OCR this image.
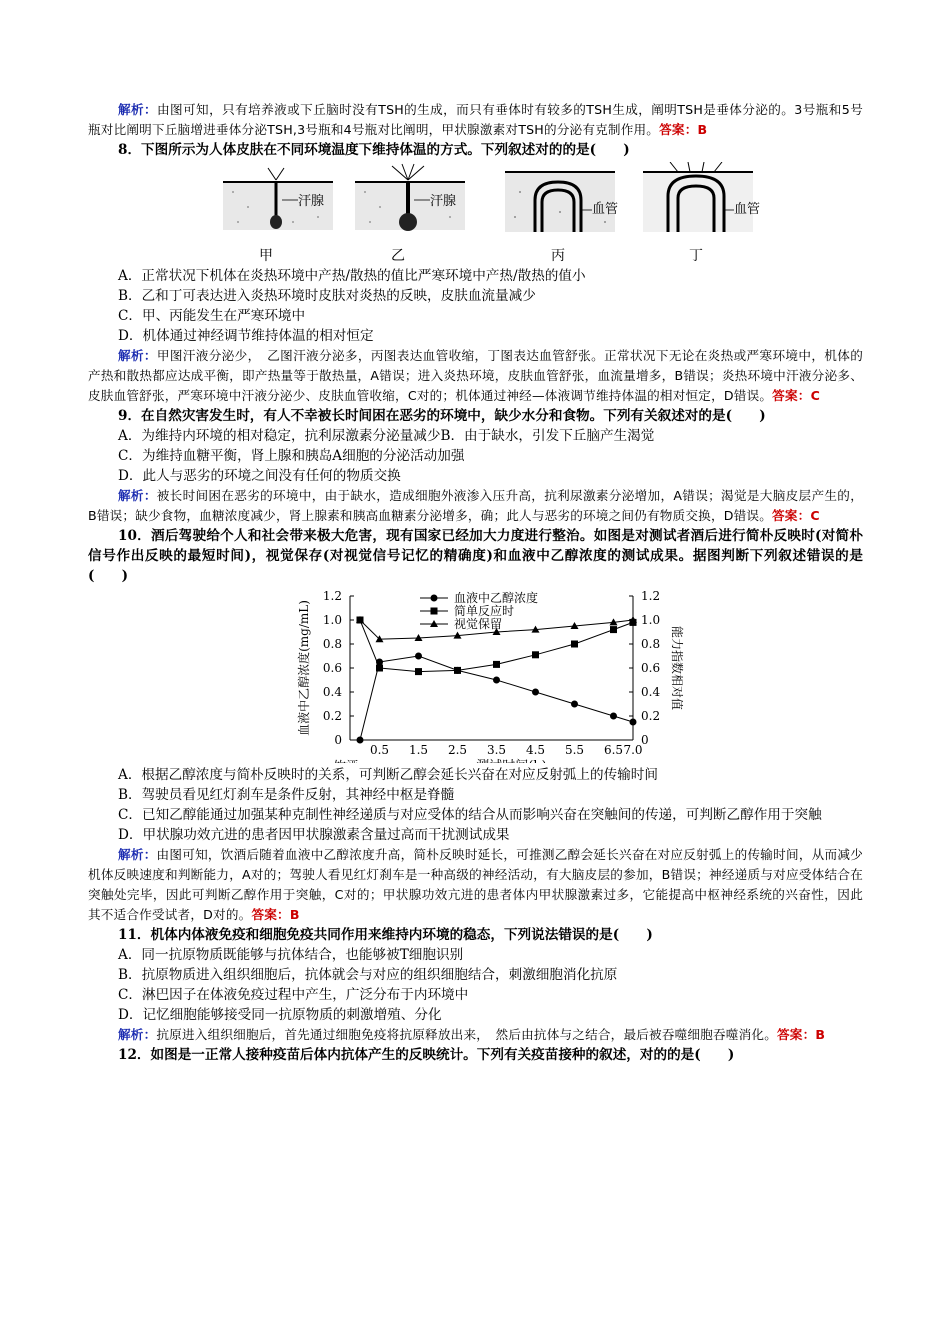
解析：由图可知，只有培养液或下丘脑时没有TSH的生成，而只有垂体时有较多的TSH生成，阐明TSH是垂体分泌的。3号瓶和5号瓶对比阐明下丘脑增进垂体分泌TSH,3号瓶和4号瓶对比阐明，甲状腺激素对TSH的分泌有克制作用。答案：B

8．下图所示为人体皮肤在不同环境温度下维持体温的方式。下列叙述对的的是(　　)

汗腺
甲
汗腺
乙
血管
丙
血管
丁

A．正常状况下机体在炎热环境中产热/散热的值比严寒环境中产热/散热的值小

B．乙和丁可表达进入炎热环境时皮肤对炎热的反映，皮肤血流量减少

C．甲、丙能发生在严寒环境中

D．机体通过神经调节维持体温的相对恒定

解析：甲图汗液分泌少，　乙图汗液分泌多，丙图表达血管收缩，丁图表达血管舒张。正常状况下无论在炎热或严寒环境中，机体的产热和散热都应达成平衡，即产热量等于散热量，A错误；进入炎热环境，皮肤血管舒张，血流量增多，B错误；炎热环境中汗液分泌多、皮肤血管舒张，严寒环境中汗液分泌少、皮肤血管收缩，C对的；机体通过神经—体液调节维持体温的相对恒定，D错误。答案：C

9．在自然灾害发生时，有人不幸被长时间困在恶劣的环境中，缺少水分和食物。下列有关叙述对的是(　　)

A．为维持内环境的相对稳定，抗利尿激素分泌量减少B．由于缺水，引发下丘脑产生渴觉

C．为维持血糖平衡，肾上腺和胰岛A细胞的分泌活动加强

D．此人与恶劣的环境之间没有任何的物质交换

解析：被长时间困在恶劣的环境中，由于缺水，造成细胞外液渗入压升高，抗利尿激素分泌增加，A错误；渴觉是大脑皮层产生的，B错误；缺少食物，血糖浓度减少，肾上腺素和胰高血糖素分泌增多，确；此人与恶劣的环境之间仍有物质交换，D错误。答案：C

10．酒后驾驶给个人和社会带来极大危害，现有国家已经加大力度进行整治。如图是对测试者酒后进行简朴反映时(对简朴信号作出反映的最短时间)，视觉保存(对视觉信号记忆的精确度)和血液中乙醇浓度的测试成果。据图判断下列叙述错误的是(　　)

0
0.2
0.4
0.6
0.8
1.0
1.2
0
0.2
0.4
0.6
0.8
1.0
1.2
0.5 1.5 2.5 3.5 4.5 5.5 6.5 7.0
血液中乙醇浓度(mg/mL)	能力指数相对值
血液中乙醇浓度
简单反应时
视觉保留

A．根据乙醇浓度与简朴反映时的关系，可判断乙醇会延长兴奋在对应反射弧上的传输时间

B．驾驶员看见红灯刹车是条件反射，其神经中枢是脊髓

C．已知乙醇能通过加强某种克制性神经递质与对应受体的结合从而影响兴奋在突触间的传递，可判断乙醇作用于突触

D．甲状腺功效亢进的患者因甲状腺激素含量过高而干扰测试成果

解析：由图可知，饮酒后随着血液中乙醇浓度升高，简朴反映时延长，可推测乙醇会延长兴奋在对应反射弧上的传输时间，从而减少机体反映速度和判断能力，A对的；驾驶人看见红灯刹车是一种高级的神经活动，有大脑皮层的参加，B错误；神经递质与对应受体结合在突触处完毕，因此可判断乙醇作用于突触，C对的；甲状腺功效亢进的患者体内甲状腺激素过多，它能提高中枢神经系统的兴奋性，因此其不适合作受试者，D对的。答案：B

11．机体内体液免疫和细胞免疫共同作用来维持内环境的稳态，下列说法错误的是(　　)

A．同一抗原物质既能够与抗体结合，也能够被T细胞识别

B．抗原物质进入组织细胞后，抗体就会与对应的组织细胞结合，刺激细胞消化抗原

C．淋巴因子在体液免疫过程中产生，广泛分布于内环境中

D．记忆细胞能够接受同一抗原物质的刺激增殖、分化

解析：抗原进入组织细胞后，首先通过细胞免疫将抗原释放出来，　然后由抗体与之结合，最后被吞噬细胞吞噬消化。答案：B

12．如图是一正常人接种疫苗后体内抗体产生的反映统计。下列有关疫苗接种的叙述，对的的是(　　)
